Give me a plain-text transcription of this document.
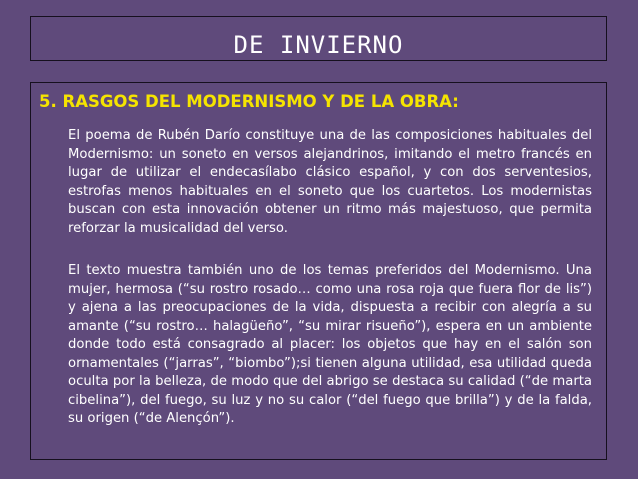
DE INVIERNO
5. RASGOS DEL MODERNISMO Y DE LA OBRA:
El poema de Rubén Darío constituye una de las composiciones habituales del Modernismo: un soneto en versos alejandrinos, imitando el metro francés en lugar de utilizar el endecasílabo clásico español, y con dos serventesios, estrofas menos habituales en el soneto que los cuartetos. Los modernistas buscan con esta innovación obtener un ritmo más majestuoso, que permita reforzar la musicalidad del verso.
El texto muestra también uno de los temas preferidos del Modernismo. Una mujer, hermosa (“su rostro rosado… como una rosa roja que fuera flor de lis”) y ajena a las preocupaciones de la vida, dispuesta a recibir con alegría a su amante (“su rostro… halagüeño”, “su mirar risueño”), espera en un ambiente donde todo está consagrado al placer: los objetos que hay en el salón son ornamentales (“jarras”, “biombo”);si tienen alguna utilidad, esa utilidad queda oculta por la belleza, de modo que del abrigo se destaca su calidad (“de marta cibelina”), del fuego, su luz y no su calor (“del fuego que brilla”) y de la falda, su origen (“de Alençón”).
